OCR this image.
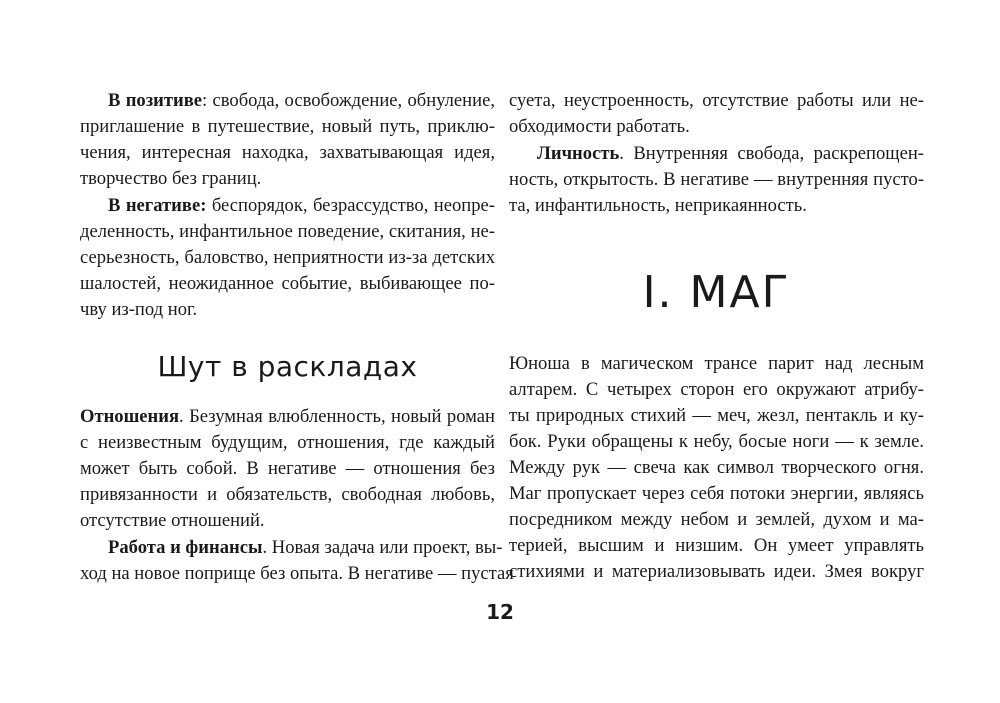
В позитиве: свобода, освобождение, обнуление,
приглашение в путешествие, новый путь, приклю-
чения, интересная находка, захватывающая идея,
творчество без границ.
В негативе: беспорядок, безрассудство, неопре-
деленность, инфантильное поведение, скитания, не-
серьезность, баловство, неприятности из-за детских
шалостей, неожиданное событие, выбивающее по-
чву из-под ног.
Шут в раскладах
Отношения. Безумная влюбленность, новый роман
с неизвестным будущим, отношения, где каждый
может быть собой. В негативе — отношения без
привязанности и обязательств, свободная любовь,
отсутствие отношений.
Работа и финансы. Новая задача или проект, вы-
ход на новое поприще без опыта. В негативе — пустая
суета, неустроенность, отсутствие работы или не-
обходимости работать.
Личность. Внутренняя свобода, раскрепощен-
ность, открытость. В негативе — внутренняя пусто-
та, инфантильность, неприкаянность.
I. МАГ
Юноша в магическом трансе парит над лесным
алтарем. С четырех сторон его окружают атрибу-
ты природных стихий — меч, жезл, пентакль и ку-
бок. Руки обращены к небу, босые ноги — к земле.
Между рук — свеча как символ творческого огня.
Маг пропускает через себя потоки энергии, являясь
посредником между небом и землей, духом и ма-
терией, высшим и низшим. Он умеет управлять
стихиями и материализовывать идеи. Змея вокруг
12
